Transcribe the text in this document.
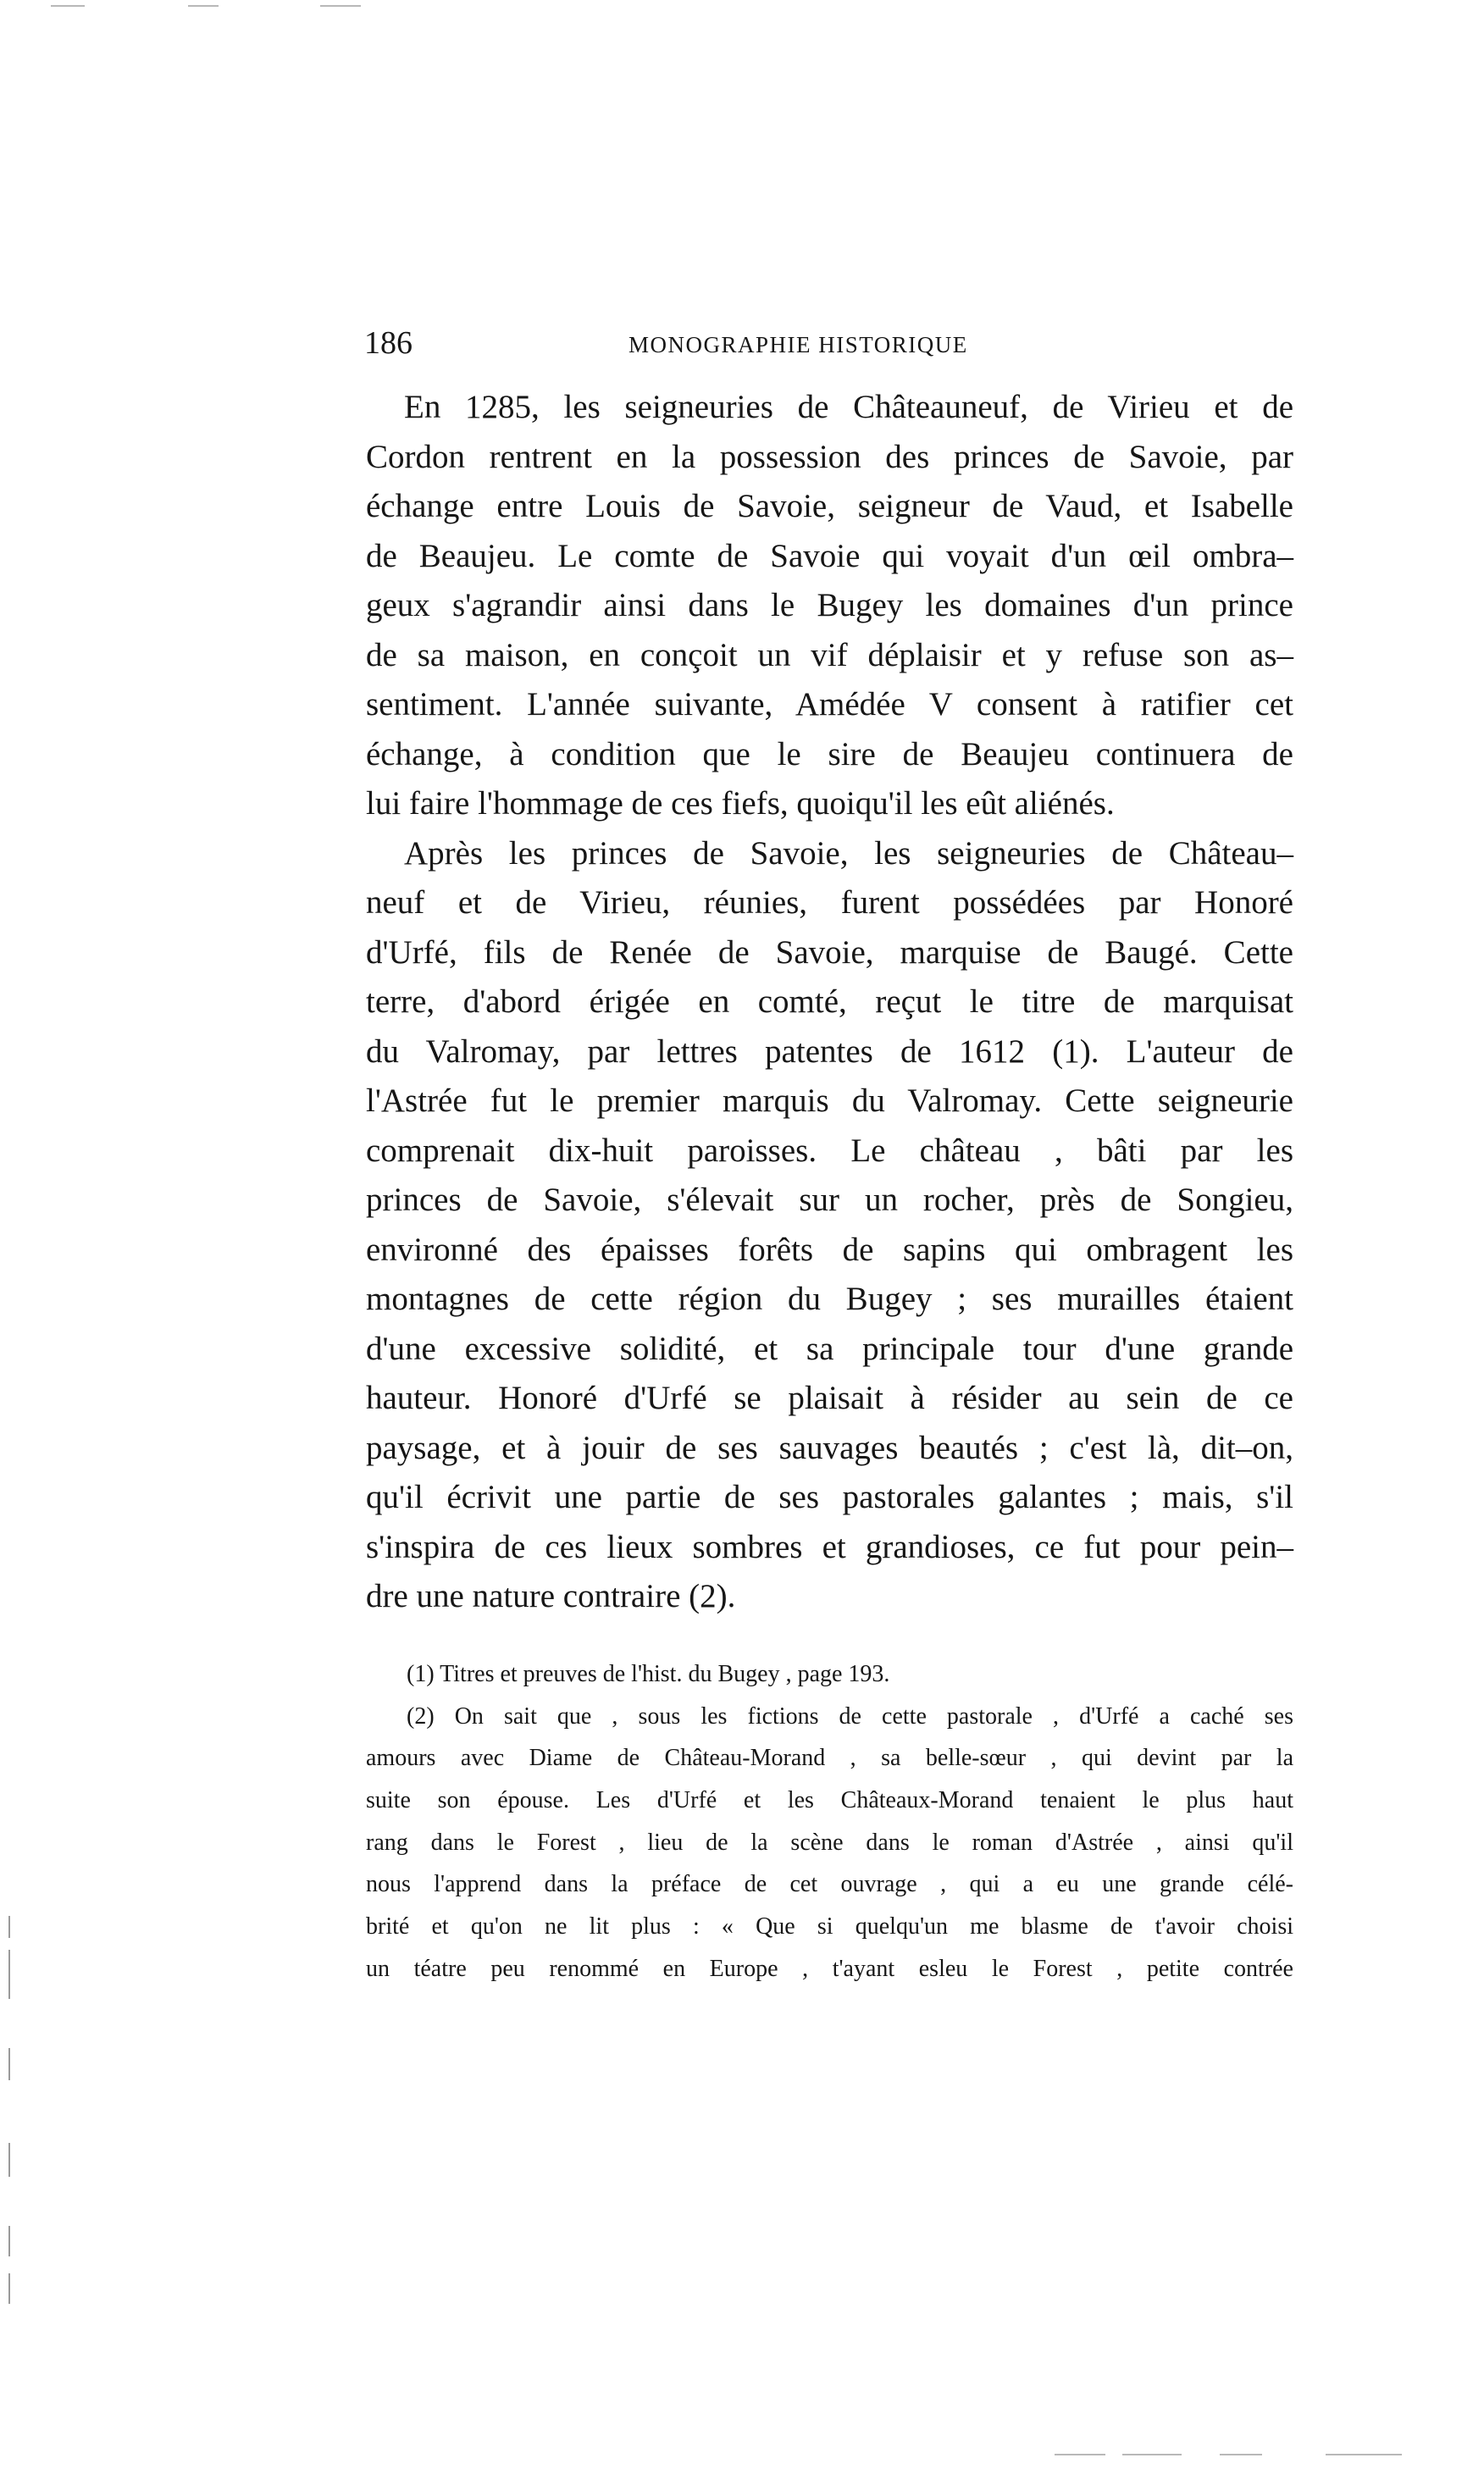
186	MONOGRAPHIE HISTORIQUE
En 1285, les seigneuries de Châteauneuf, de Virieu et de
Cordon rentrent en la possession des princes de Savoie, par
échange entre Louis de Savoie, seigneur de Vaud, et Isabelle
de Beaujeu. Le comte de Savoie qui voyait d'un œil ombra–
geux s'agrandir ainsi dans le Bugey les domaines d'un prince
de sa maison, en conçoit un vif déplaisir et y refuse son as–
sentiment. L'année suivante, Amédée V consent à ratifier cet
échange, à condition que le sire de Beaujeu continuera de
lui faire l'hommage de ces fiefs, quoiqu'il les eût aliénés.
Après les princes de Savoie, les seigneuries de Château–
neuf et de Virieu, réunies, furent possédées par Honoré
d'Urfé, fils de Renée de Savoie, marquise de Baugé. Cette
terre, d'abord érigée en comté, reçut le titre de marquisat
du Valromay, par lettres patentes de 1612 (1). L'auteur de
l'Astrée fut le premier marquis du Valromay. Cette seigneurie
comprenait dix-huit paroisses. Le château , bâti par les
princes de Savoie, s'élevait sur un rocher, près de Songieu,
environné des épaisses forêts de sapins qui ombragent les
montagnes de cette région du Bugey ; ses murailles étaient
d'une excessive solidité, et sa principale tour d'une grande
hauteur. Honoré d'Urfé se plaisait à résider au sein de ce
paysage, et à jouir de ses sauvages beautés ; c'est là, dit–on,
qu'il écrivit une partie de ses pastorales galantes ; mais, s'il
s'inspira de ces lieux sombres et grandioses, ce fut pour pein–
dre une nature contraire (2).
(1) Titres et preuves de l'hist. du Bugey , page 193.
(2) On sait que , sous les fictions de cette pastorale , d'Urfé a caché ses
amours avec Diame de Château-Morand , sa belle-sœur , qui devint par la
suite son épouse. Les d'Urfé et les Châteaux-Morand tenaient le plus haut
rang dans le Forest , lieu de la scène dans le roman d'Astrée , ainsi qu'il
nous l'apprend dans la préface de cet ouvrage , qui a eu une grande célé-
brité et qu'on ne lit plus : « Que si quelqu'un me blasme de t'avoir choisi
un téatre peu renommé en Europe , t'ayant esleu le Forest , petite contrée
